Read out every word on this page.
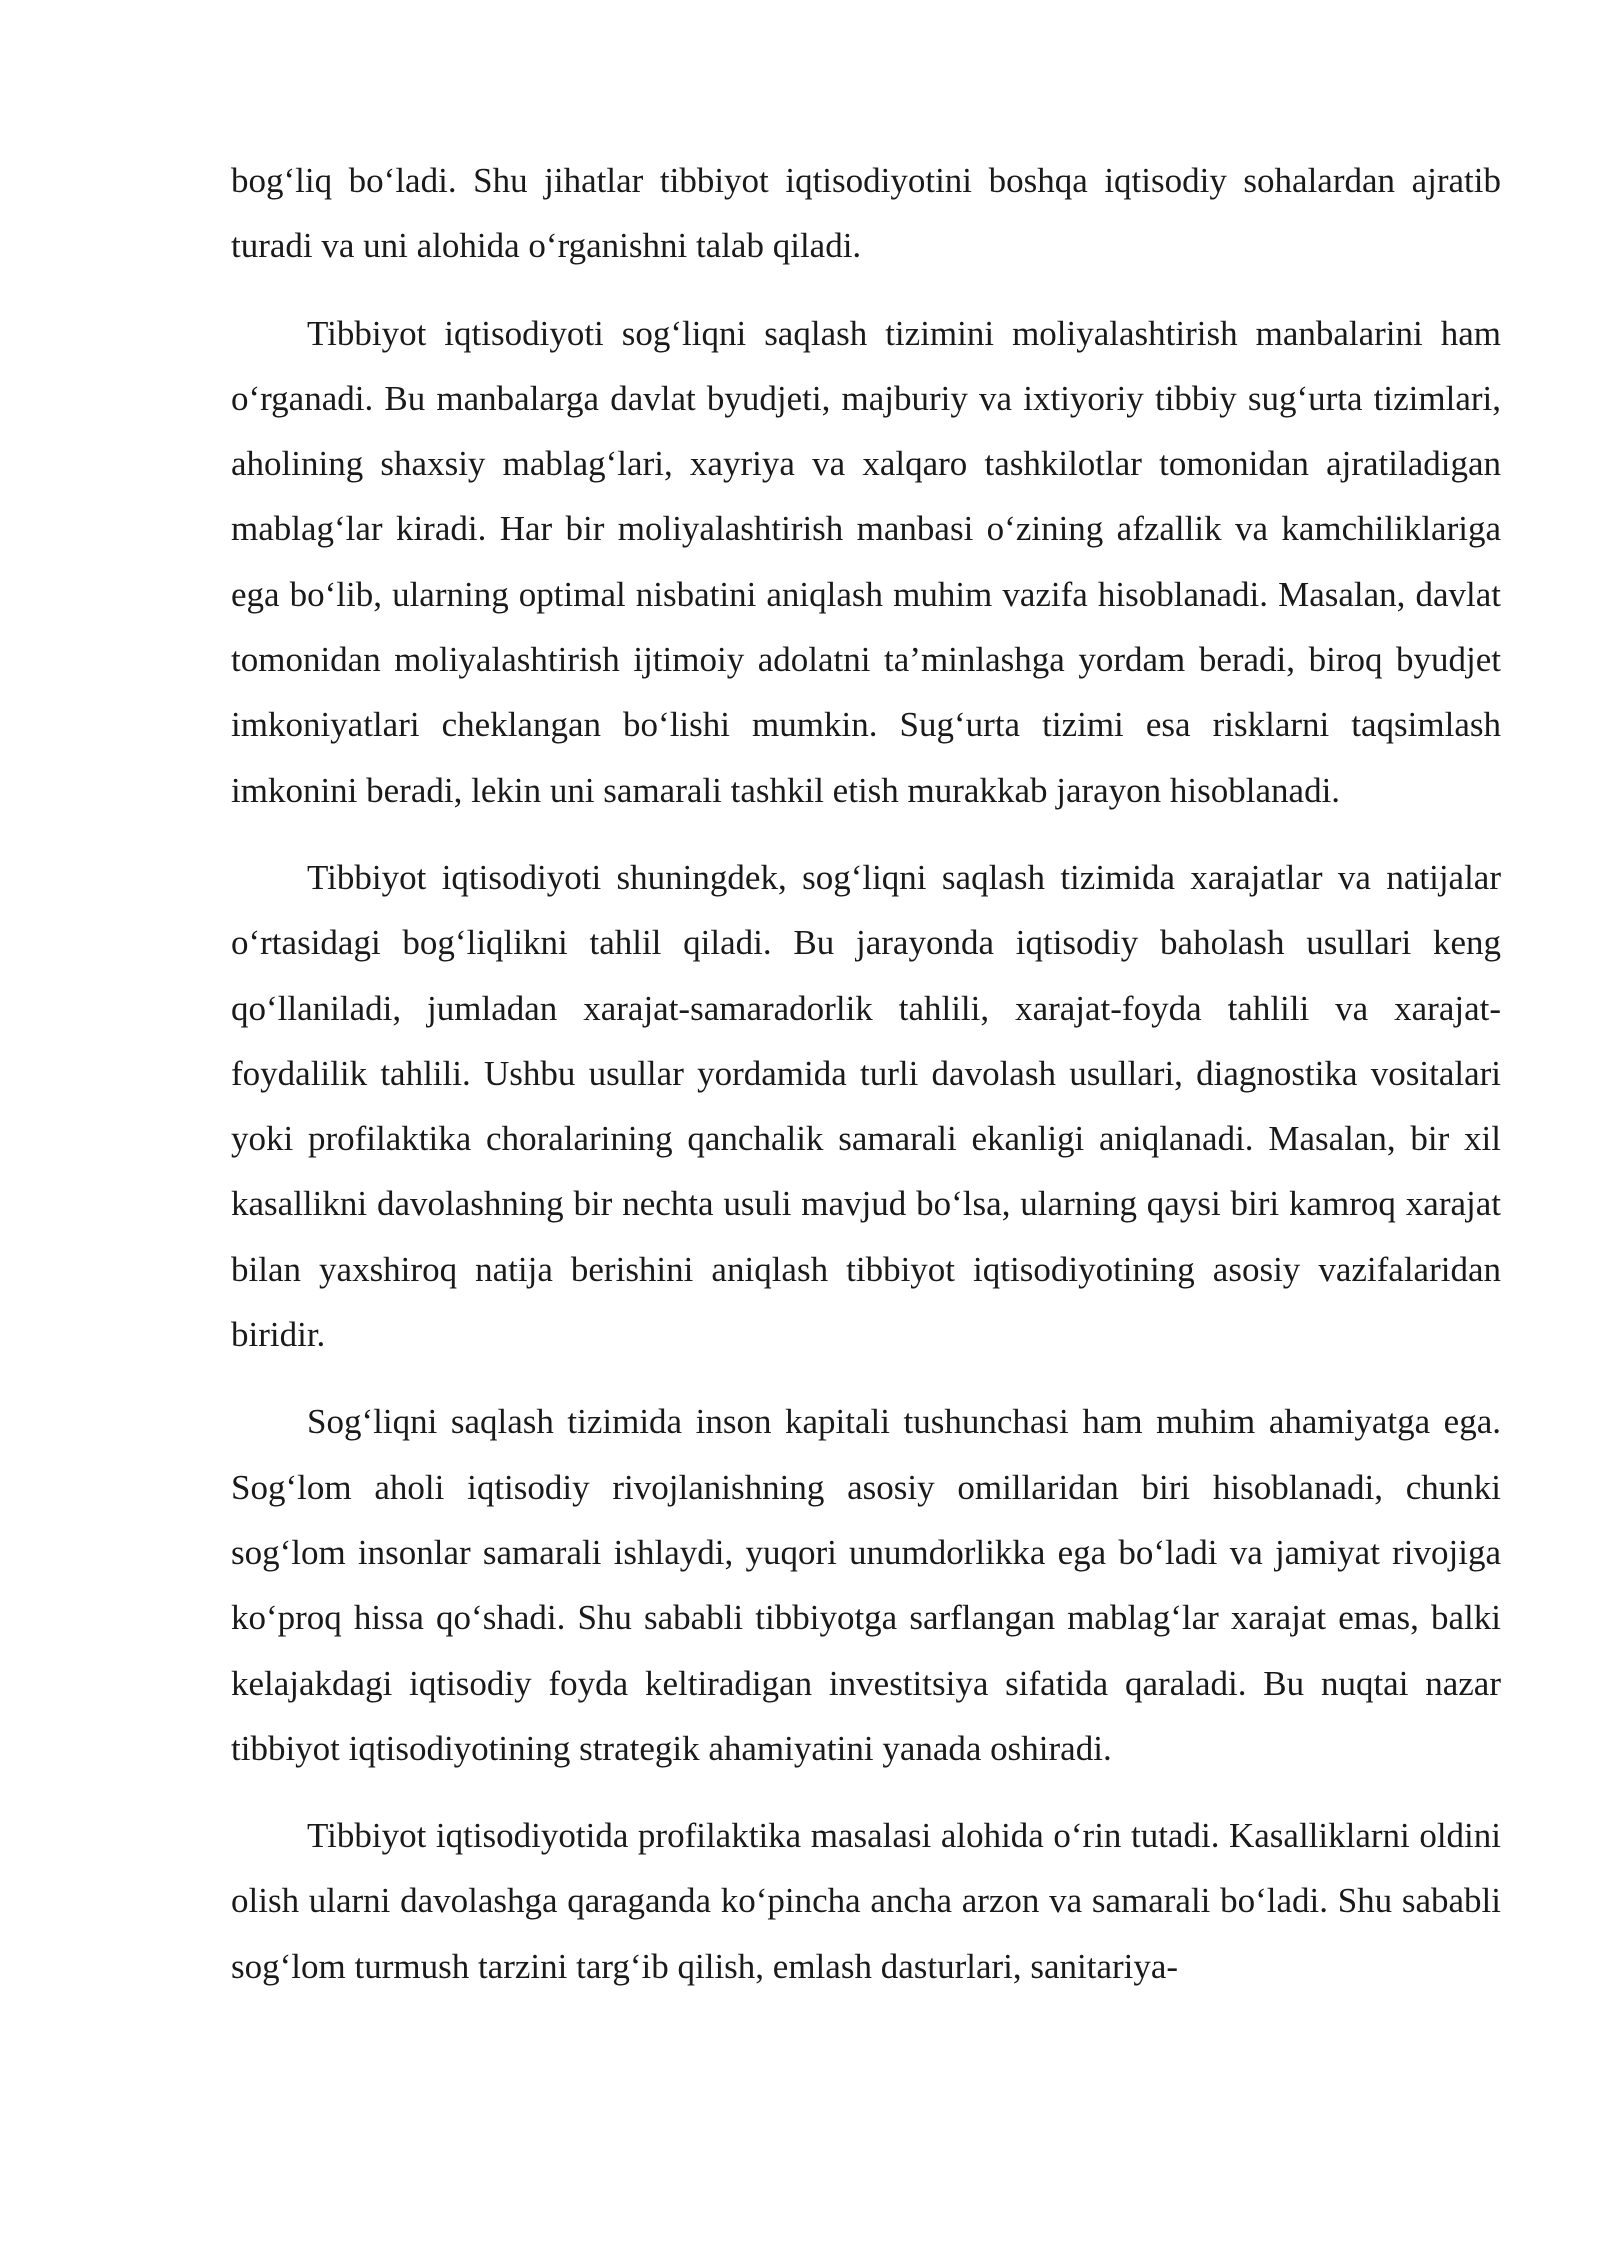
bog‘liq bo‘ladi. Shu jihatlar tibbiyot iqtisodiyotini boshqa iqtisodiy sohalardan ajratib turadi va uni alohida o‘rganishni talab qiladi.

Tibbiyot iqtisodiyoti sog‘liqni saqlash tizimini moliyalashtirish manbalarini ham o‘rganadi. Bu manbalarga davlat byudjeti, majburiy va ixtiyoriy tibbiy sug‘urta tizimlari, aholining shaxsiy mablag‘lari, xayriya va xalqaro tashkilotlar tomonidan ajratiladigan mablag‘lar kiradi. Har bir moliyalashtirish manbasi o‘zining afzallik va kamchiliklariga ega bo‘lib, ularning optimal nisbatini aniqlash muhim vazifa hisoblanadi. Masalan, davlat tomonidan moliyalashtirish ijtimoiy adolatni ta’minlashga yordam beradi, biroq byudjet imkoniyatlari cheklangan bo‘lishi mumkin. Sug‘urta tizimi esa risklarni taqsimlash imkonini beradi, lekin uni samarali tashkil etish murakkab jarayon hisoblanadi.

Tibbiyot iqtisodiyoti shuningdek, sog‘liqni saqlash tizimida xarajatlar va natijalar o‘rtasidagi bog‘liqlikni tahlil qiladi. Bu jarayonda iqtisodiy baholash usullari keng qo‘llaniladi, jumladan xarajat-samaradorlik tahlili, xarajat-foyda tahlili va xarajat-foydalilik tahlili. Ushbu usullar yordamida turli davolash usullari, diagnostika vositalari yoki profilaktika choralarining qanchalik samarali ekanligi aniqlanadi. Masalan, bir xil kasallikni davolashning bir nechta usuli mavjud bo‘lsa, ularning qaysi biri kamroq xarajat bilan yaxshiroq natija berishini aniqlash tibbiyot iqtisodiyotining asosiy vazifalaridan biridir.

Sog‘liqni saqlash tizimida inson kapitali tushunchasi ham muhim ahamiyatga ega. Sog‘lom aholi iqtisodiy rivojlanishning asosiy omillaridan biri hisoblanadi, chunki sog‘lom insonlar samarali ishlaydi, yuqori unumdorlikka ega bo‘ladi va jamiyat rivojiga ko‘proq hissa qo‘shadi. Shu sababli tibbiyotga sarflangan mablag‘lar xarajat emas, balki kelajakdagi iqtisodiy foyda keltiradigan investitsiya sifatida qaraladi. Bu nuqtai nazar tibbiyot iqtisodiyotining strategik ahamiyatini yanada oshiradi.

Tibbiyot iqtisodiyotida profilaktika masalasi alohida o‘rin tutadi. Kasalliklarni oldini olish ularni davolashga qaraganda ko‘pincha ancha arzon va samarali bo‘ladi. Shu sababli sog‘lom turmush tarzini targ‘ib qilish, emlash dasturlari, sanitariya-
